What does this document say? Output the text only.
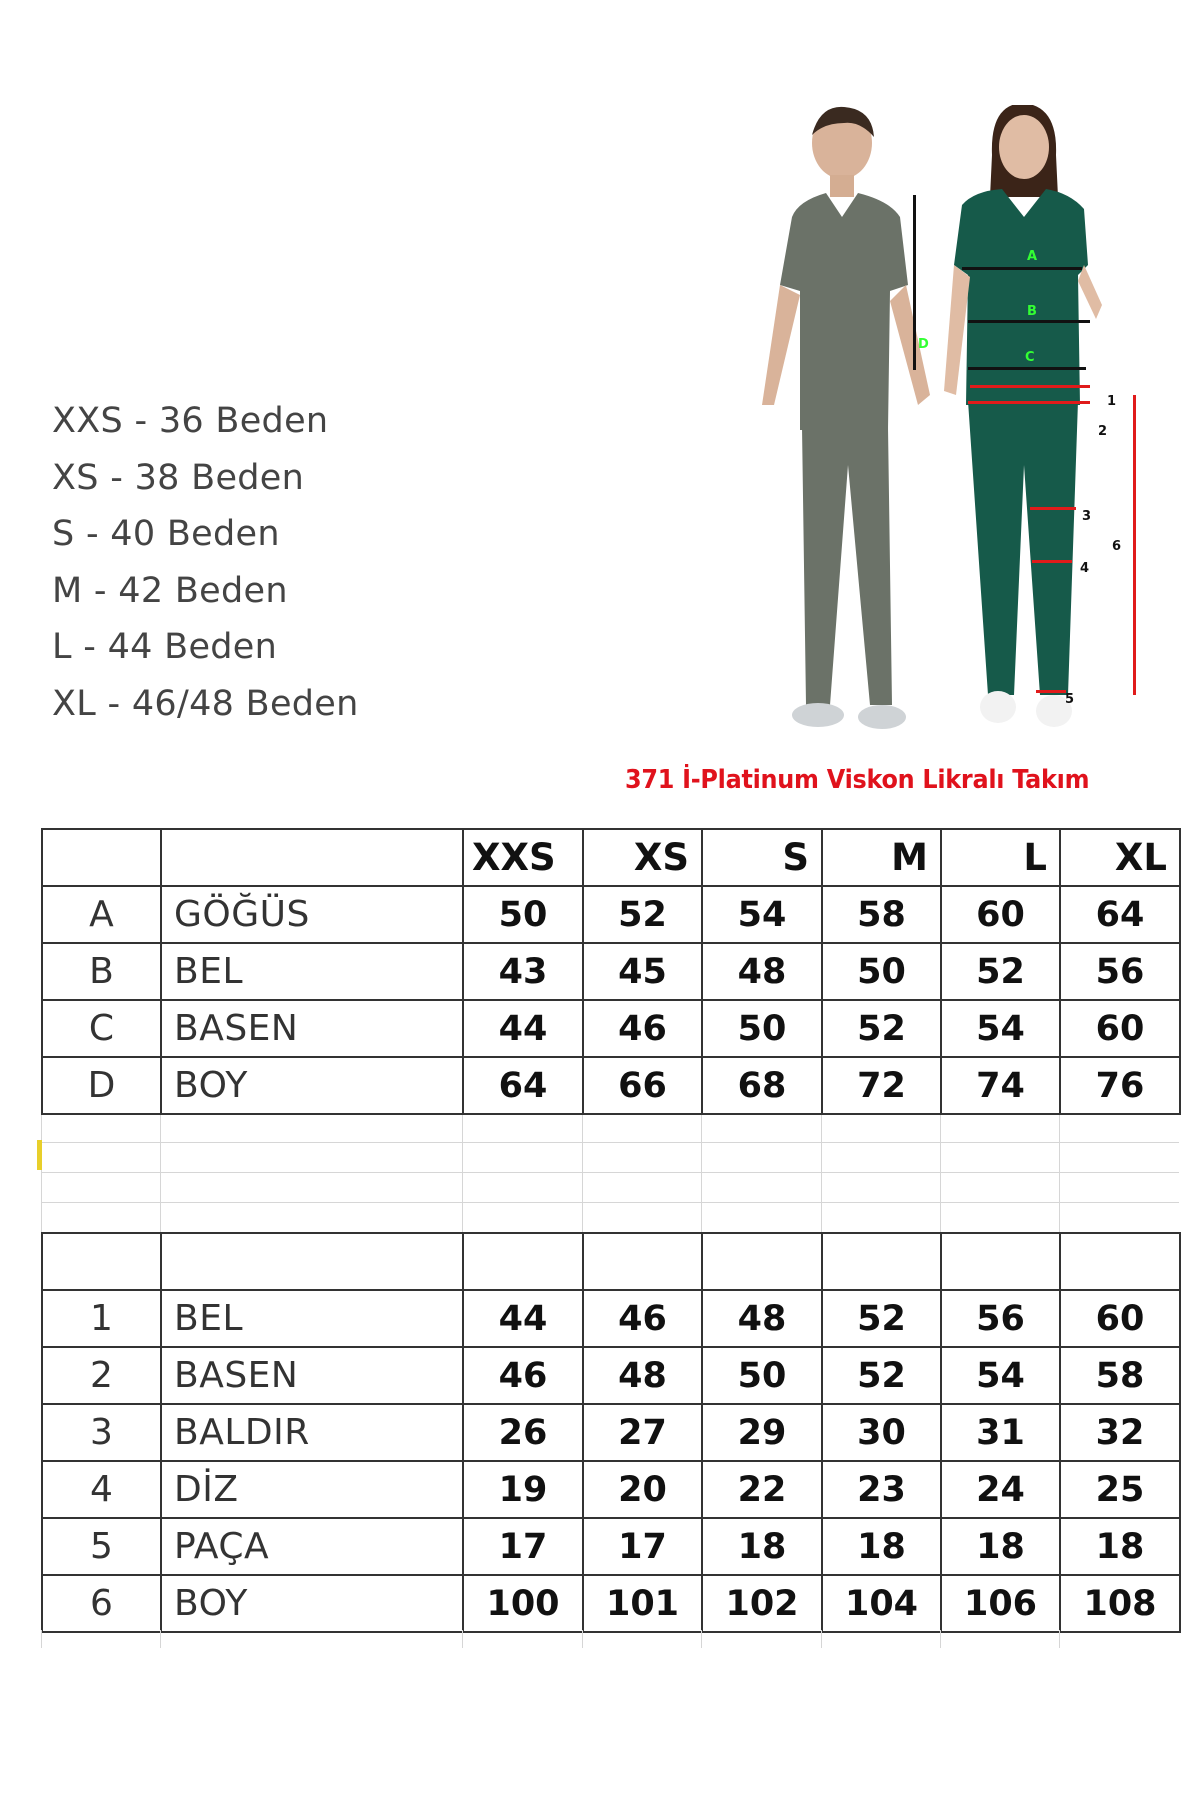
XXS - 36 Beden
XS - 38 Beden
S - 40 Beden
M - 42 Beden
L - 44 Beden
XL - 46/48 Beden
A
B
C
D
1
2
3
4
5
6
371 İ-Platinum Viskon Likralı Takım
		XXS	XS	S	M	L	XL
A	GÖĞÜS	50	52	54	58	60	64
B	BEL	43	45	48	50	52	56
C	BASEN	44	46	50	52	54	60
D	BOY	64	66	68	72	74	76

1	BEL	44	46	48	52	56	60
2	BASEN	46	48	50	52	54	58
3	BALDIR	26	27	29	30	31	32
4	DİZ	19	20	22	23	24	25
5	PAÇA	17	17	18	18	18	18
6	BOY	100	101	102	104	106	108
